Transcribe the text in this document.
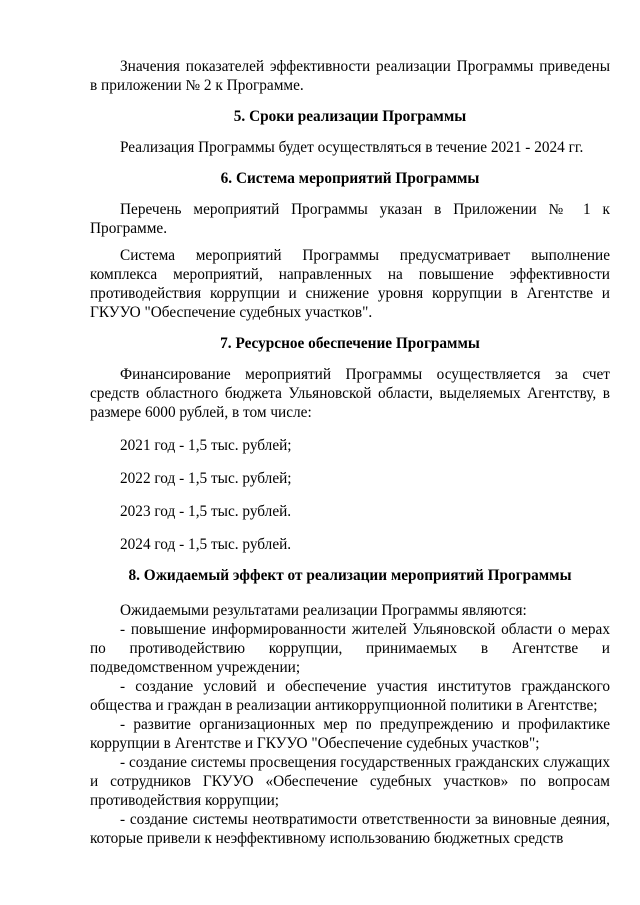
Значения показателей эффективности реализации Программы приведены в приложении № 2 к Программе.

5. Сроки реализации Программы

Реализация Программы будет осуществляться в течение 2021 - 2024 гг.

6. Система мероприятий Программы

Перечень мероприятий Программы указан в Приложении № 1 к Программе.

Система мероприятий Программы предусматривает выполнение комплекса мероприятий, направленных на повышение эффективности противодействия коррупции и снижение уровня коррупции в Агентстве и ГКУУО "Обеспечение судебных участков".

7. Ресурсное обеспечение Программы

Финансирование мероприятий Программы осуществляется за счет средств областного бюджета Ульяновской области, выделяемых Агентству, в размере 6000 рублей, в том числе:

2021 год - 1,5 тыс. рублей;

2022 год - 1,5 тыс. рублей;

2023 год - 1,5 тыс. рублей.

2024 год - 1,5 тыс. рублей.

8. Ожидаемый эффект от реализации мероприятий Программы

Ожидаемыми результатами реализации Программы являются:

- повышение информированности жителей Ульяновской области о мерах по противодействию коррупции, принимаемых в Агентстве и подведомственном учреждении;

- создание условий и обеспечение участия институтов гражданского общества и граждан в реализации антикоррупционной политики в Агентстве;

- развитие организационных мер по предупреждению и профилактике коррупции в Агентстве и ГКУУО "Обеспечение судебных участков";

- создание системы просвещения государственных гражданских служащих и сотрудников ГКУУО «Обеспечение судебных участков» по вопросам противодействия коррупции;

- создание системы неотвратимости ответственности за виновные деяния, которые привели к неэффективному использованию бюджетных средств
